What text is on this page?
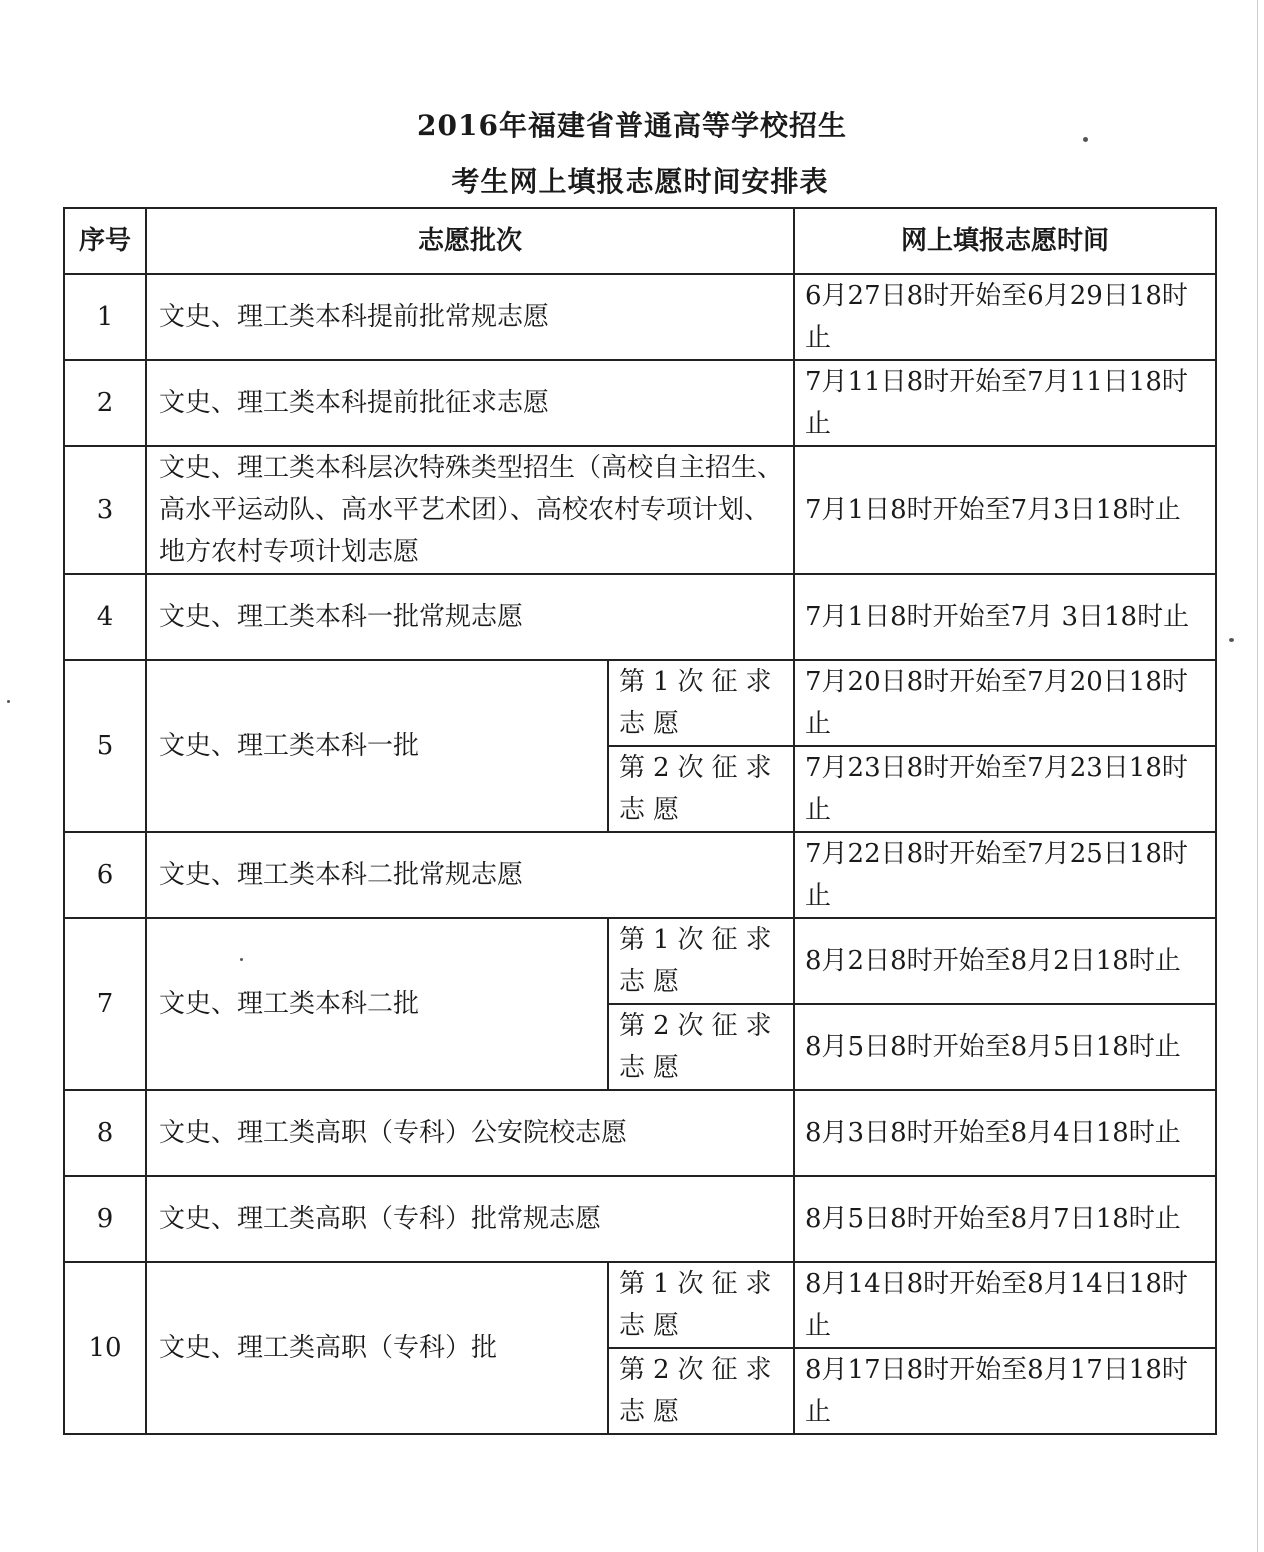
2016年福建省普通高等学校招生
考生网上填报志愿时间安排表
序号	志愿批次		网上填报志愿时间
1	文史、理工类本科提前批常规志愿		6月27日8时开始至6月29日18时止
2	文史、理工类本科提前批征求志愿		7月11日8时开始至7月11日18时止
3	文史、理工类本科层次特殊类型招生（高校自主招生、高水平运动队、高水平艺术团）、高校农村专项计划、地方农村专项计划志愿		7月1日8时开始至7月3日18时止
4	文史、理工类本科一批常规志愿		7月1日8时开始至7月 3日18时止
5	文史、理工类本科一批	第1次征求志愿	7月20日8时开始至7月20日18时止
		第2次征求志愿	7月23日8时开始至7月23日18时止
6	文史、理工类本科二批常规志愿		7月22日8时开始至7月25日18时止
7	文史、理工类本科二批	第1次征求志愿	8月2日8时开始至8月2日18时止
		第2次征求志愿	8月5日8时开始至8月5日18时止
8	文史、理工类高职（专科）公安院校志愿		8月3日8时开始至8月4日18时止
9	文史、理工类高职（专科）批常规志愿		8月5日8时开始至8月7日18时止
10	文史、理工类高职（专科）批	第1次征求志愿	8月14日8时开始至8月14日18时止
		第2次征求志愿	8月17日8时开始至8月17日18时止
